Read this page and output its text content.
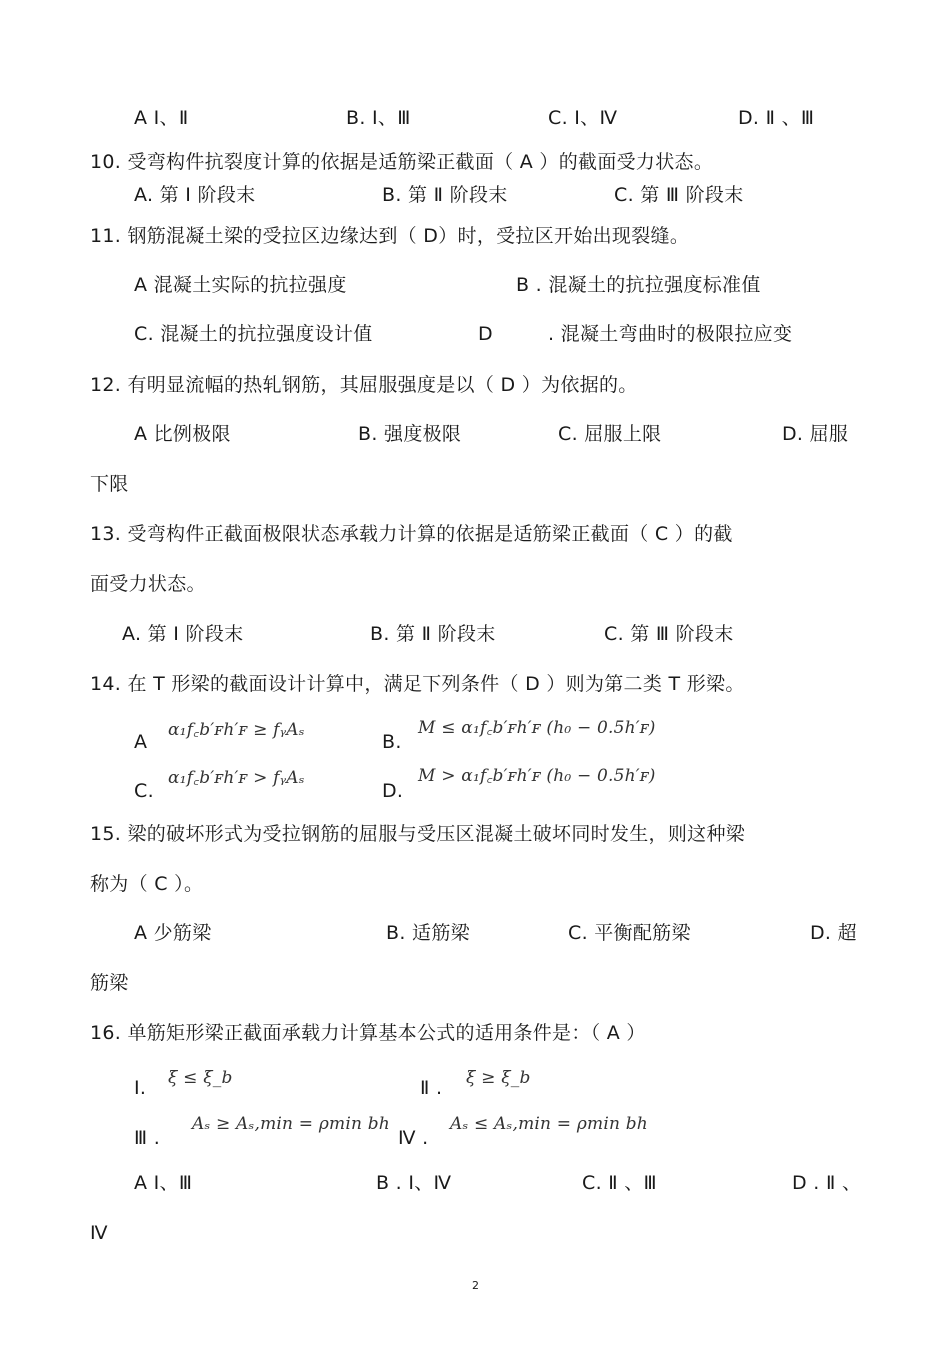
A Ⅰ、Ⅱ	B. Ⅰ、Ⅲ	C. Ⅰ、Ⅳ	D. Ⅱ 、Ⅲ
10. 受弯构件抗裂度计算的依据是适筋梁正截面（ A ）的截面受力状态。
A. 第 Ⅰ 阶段末	B. 第 Ⅱ 阶段末	C. 第 Ⅲ 阶段末
11. 钢筋混凝土梁的受拉区边缘达到（ D）时，受拉区开始出现裂缝。
A 混凝土实际的抗拉强度	B . 混凝土的抗拉强度标准值
C. 混凝土的抗拉强度设计值	D	. 混凝土弯曲时的极限拉应变
12. 有明显流幅的热轧钢筋，其屈服强度是以（ D ）为依据的。
A 比例极限	B. 强度极限	C. 屈服上限	D. 屈服
下限
13. 受弯构件正截面极限状态承载力计算的依据是适筋梁正截面（ C ）的截
面受力状态。
A. 第 Ⅰ 阶段末	B. 第 Ⅱ 阶段末	C. 第 Ⅲ 阶段末
14. 在 T 形梁的截面设计计算中，满足下列条件（ D ）则为第二类 T 形梁。
A
α₁f꜀b′ꜰh′ꜰ ≥ fᵧAₛ
B.
M ≤ α₁f꜀b′ꜰh′ꜰ (h₀ − 0.5h′ꜰ)
C.
α₁f꜀b′ꜰh′ꜰ > fᵧAₛ
D.
M > α₁f꜀b′ꜰh′ꜰ (h₀ − 0.5h′ꜰ)
15. 梁的破坏形式为受拉钢筋的屈服与受压区混凝土破坏同时发生，则这种梁
称为（ C ）。
A 少筋梁	B. 适筋梁	C. 平衡配筋梁	D. 超
筋梁
16. 单筋矩形梁正截面承载力计算基本公式的适用条件是：（ A ）
Ⅰ. ξ ≤ ξ_b	Ⅱ . ξ ≥ ξ_b
Ⅲ .
Aₛ ≥ Aₛ,min = ρmin bh
Ⅳ .
Aₛ ≤ Aₛ,min = ρmin bh
A Ⅰ、Ⅲ	B . Ⅰ、Ⅳ	C. Ⅱ 、Ⅲ	D . Ⅱ 、
Ⅳ
2
